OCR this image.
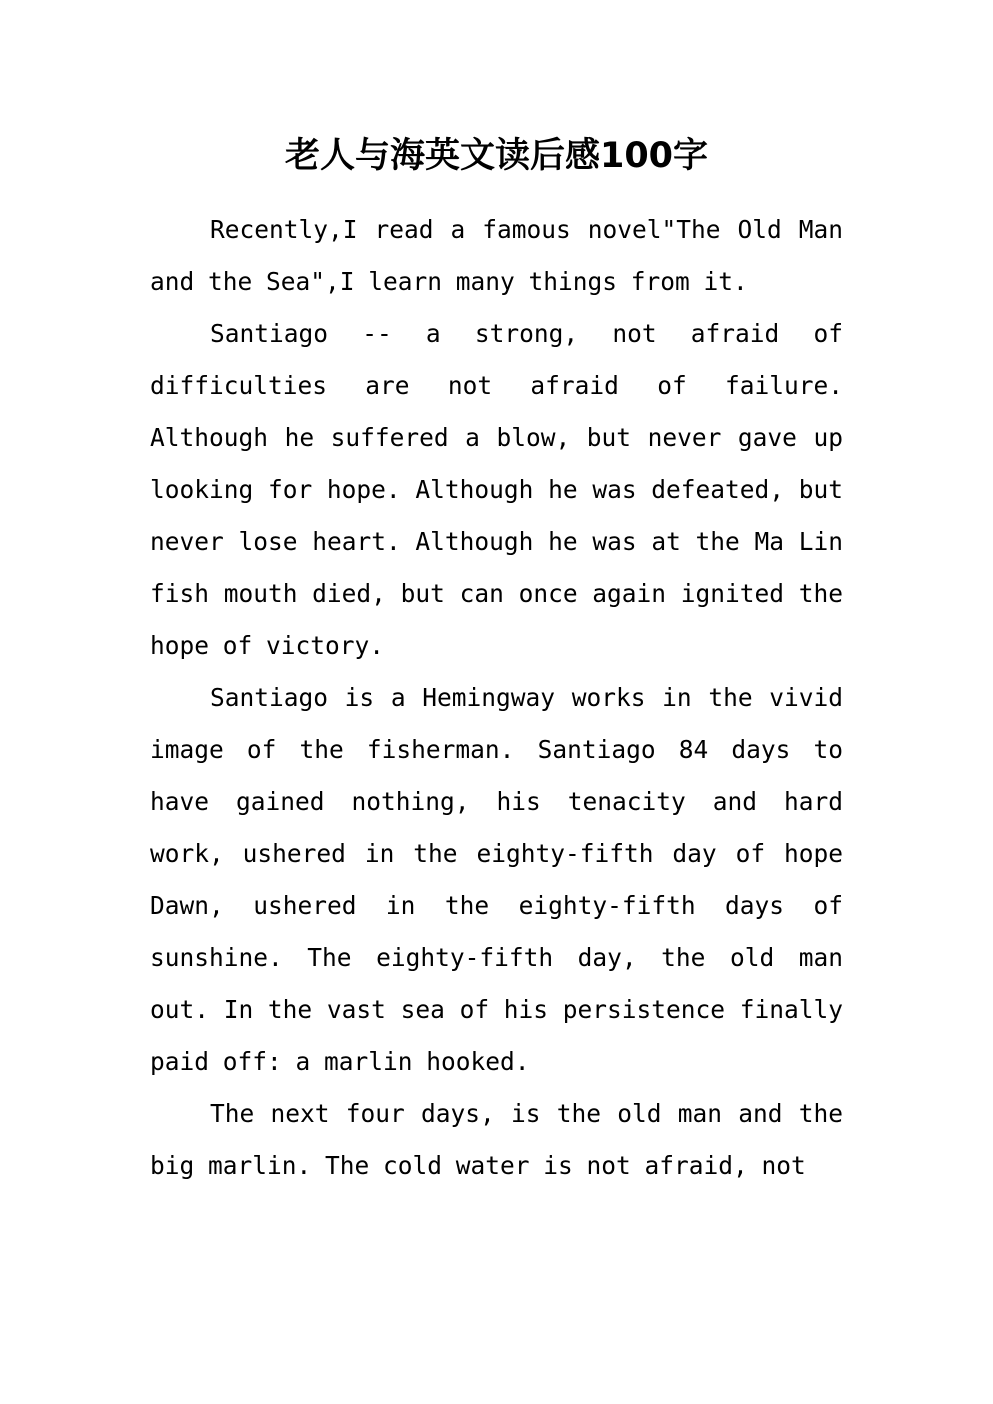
老人与海英文读后感100字

Recently,I read a famous novel"The Old Man and the Sea",I learn many things from it.

Santiago -- a strong, not afraid of difficulties are not afraid of failure. Although he suffered a blow, but never gave up looking for hope. Although he was defeated, but never lose heart. Although he was at the Ma Lin fish mouth died, but can once again ignited the hope of victory.

Santiago is a Hemingway works in the vivid image of the fisherman. Santiago 84 days to have gained nothing, his tenacity and hard work, ushered in the eighty-fifth day of hope Dawn, ushered in the eighty-fifth days of sunshine. The eighty-fifth day, the old man out. In the vast sea of his persistence finally paid off: a marlin hooked.

The next four days, is the old man and the big marlin. The cold water is not afraid, not
